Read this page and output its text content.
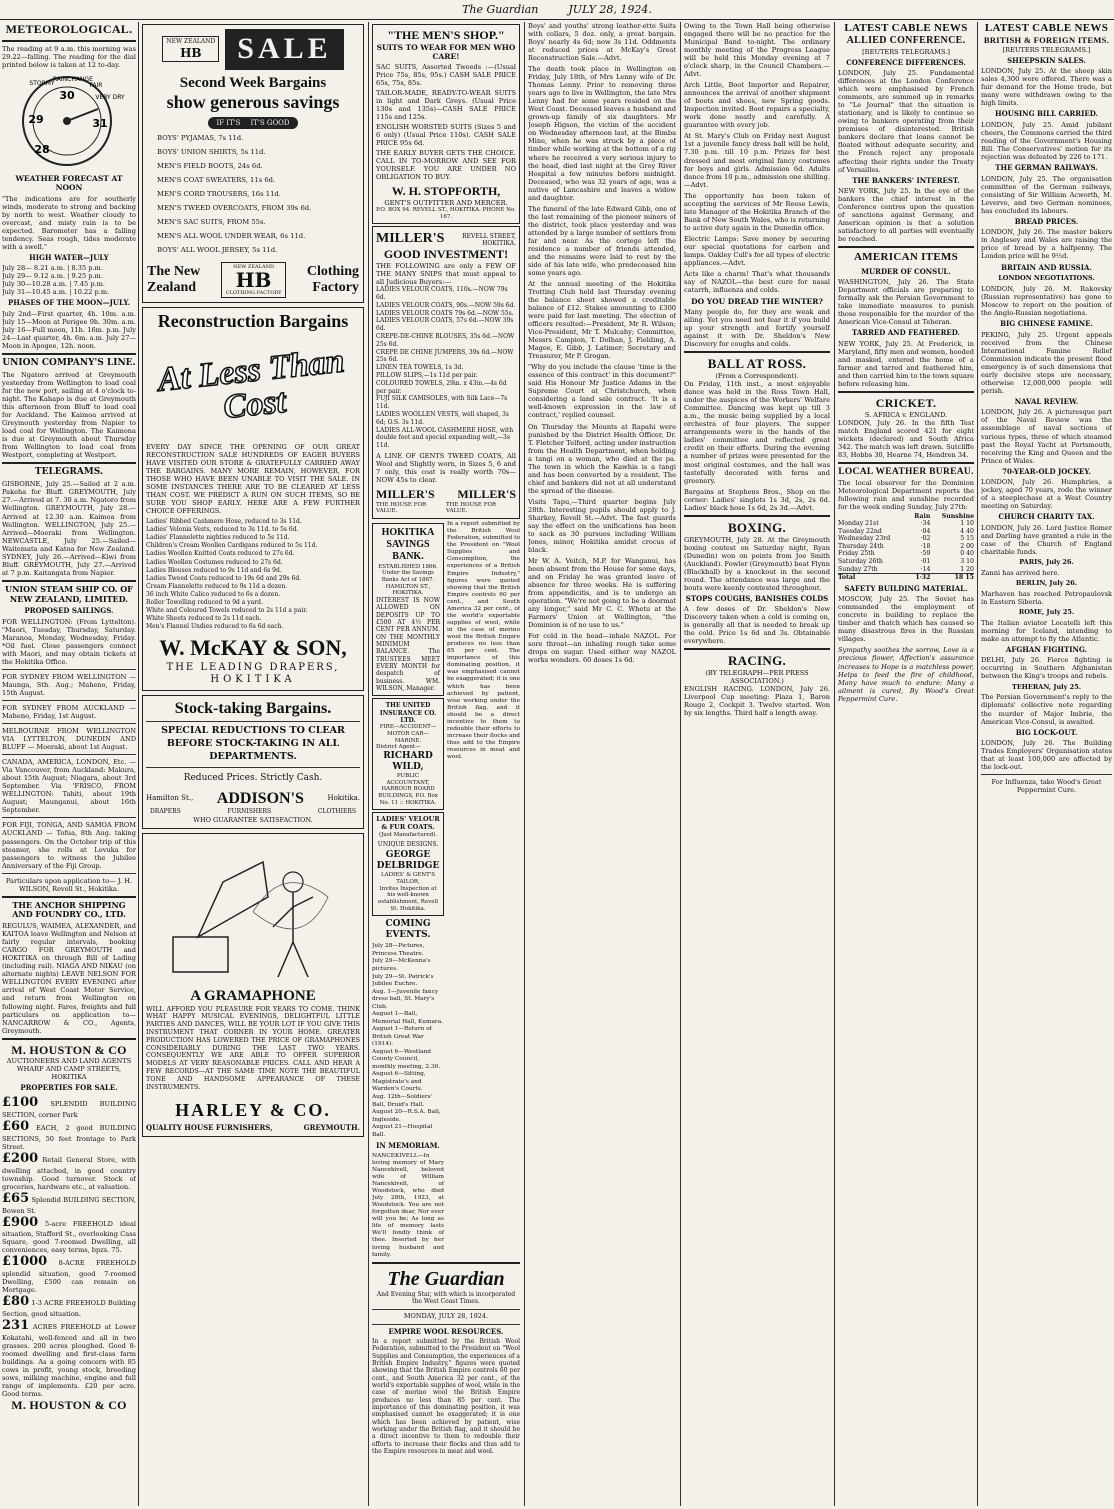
The Guardian	JULY 28, 1924.
METEOROLOGICAL.
The reading at 9 a.m. this morning was 29.22—falling. The reading for the dial printed below is taken at 12 to-day.
STORMY
RAIN CHANGE
FAIR
VERY DRY
28
29
30
31
WEATHER FORECAST AT NOON
"The indications are for southerly winds, moderate to strong and backing by north to west. Weather cloudy to overcast, and misty rain is to be expected. Barometer has a falling tendency. Seas rough, tides moderate with a swell."
HIGH WATER—JULY
July 28— 8.21 a.m. | 8.35 p.m.
July 29— 9.12 a.m. | 9.25 p.m.
July 30—10.28 a.m. | 7.45 p.m.
July 31—10.45 a.m. | 10.22 p.m.
PHASES OF THE MOON—JULY.
July 2nd—First quarter, 4h. 10m. a.m. July 15—Moon at Perigee 9h. 30m. a.m. July 16—Full moon, 11h. 16m. p.m. July 24—Last quarter, 4h. 6m. a.m. July 27—Moon in Apogee, 12h. noon.
UNION COMPANY'S LINE.
The Ngatoro arrived at Greymouth yesterday from Wellington to load coal for the new port, sailing at 4 o'clock to-night. The Kahapo is due at Greymouth this afternoon from Bluff to load coal for Auckland. The Kaimoa arrived at Greymouth yesterday from Napier to load coal for Wellington. The Kaimona is due at Greymouth about Thursday from Wellington to load coal from Westport, completing at Westport.
TELEGRAMS.
GISBORNE, July 25.—Sailed at 2 a.m. Pakeha for Bluff. GREYMOUTH, July 27.—Arrived at 7. 30 a.m. Ngatoro from Wellington. GREYMOUTH, July 28.—Arrived at 12.30 a.m. Kaimoa from Wellington. WELLINGTON, July 25.—Arrived—Moeraki from Wellington. NEWCASTLE, July 25.—Sailed—Waitemata and Katoa for New Zealand. SYDNEY, July 26.—Arrived—Kiwi from Bluff. GREYMOUTH, July 27.—Arrived at 7 p.m. Kaitangata from Napier.
UNION STEAM SHIP CO. OF NEW ZEALAND, LIMITED.
PROPOSED SAILINGS.
FOR WELLINGTON: (From Lyttelton). "Maori, Tuesday, Thursday, Saturday. Maranoa, Monday, Wednesday, Friday. *Oil fuel. Close passengers connect with Maori, and may obtain tickets at the Hokitika Office.
FOR SYDNEY FROM WELLINGTON — Maunga, Sth. Aug.; Maheno, Friday, 15th August.
FOR SYDNEY FROM AUCKLAND — Maheno, Friday, 1st August.
MELBOURNE FROM WELLINGTON VIA LYTTELTON, DUNEDIN AND BLUFF — Moeraki, about 1st August.
CANADA, AMERICA, LONDON, Etc. — Via Vancouver, from Auckland: Makura, about 15th August; Niagara, about 3rd September. Via 'FRISCO, FROM WELLINGTON: Tahiti, about 19th August; Maunganui, about 16th September.
FOR FIJI, TONGA, AND SAMOA FROM AUCKLAND — Tofua, 8th Aug. taking passengers. On the October trip of this steamer, she rolls at Lovuka for passengers to witness the Jubilee Anniversary of the Fiji Group.
Particulars upon application to— J. H. WILSON, Revell St., Hokitika.
THE ANCHOR SHIPPING AND FOUNDRY CO., LTD.
REGULUS, WAIMEA, ALEXANDER, and KAITOA leave Wellington and Nelson at fairly regular intervals, booking CARGO FOR GREYMOUTH and HOKITIKA on through Bill of Lading (including rail). NIAGA AND NIKAU (on alternate nights) LEAVE NELSON FOR WELLINGTON EVERY EVENING after arrival of West Coast Motor Service, and return from Wellington on following night. Fares, freights and full particulars on application to— NANCARROW & CO., Agents, Greymouth.
M. HOUSTON & CO
AUCTIONEERS AND LAND AGENTS WHARF AND CAMP STREETS, HOKITIKA
PROPERTIES FOR SALE.
£100 SPLENDID BUILDING SECTION, corner Park
£60 EACH, 2 good BUILDING SECTIONS, 50 feet frontage to Park Street.
£200 Retail General Store, with dwelling attached, in good country township. Good turnover. Stock of groceries, hardware etc., at valuation.
£65 Splendid BUILDING SECTION, Bowen St.
£900 5-acre FREEHOLD ideal situation, Stafford St., overlooking Cass Square, good 7-roomed Dwelling, all conveniences, easy terms, bpzs. 75.
£1000 8-ACRE FREEHOLD splendid situation, good 7-roomed Dwelling, £500 can remain on Mortgage.
£80 1-3 ACRE FREEHOLD Building Section, good situation.
231 ACRES FREEHOLD at Lower Kokatahi, well-fenced and all in two grasses. 200 acres ploughed. Good 8-roomed dwelling and first-class farm buildings. As a going concern with 85 cows in profit, young stock, breeding sows, milking machine, engine and full range of implements. £20 per acre. Good terms.
M. HOUSTON & CO
NEW ZEALAND
HB	SALE
Second Week Bargains
show generous savings
IF IT'S IT'S GOOD
BOYS' PYJAMAS, 7s 11d.
BOYS' UNION SHIRTS, 5s 11d.
MEN'S FIELD BOOTS, 24s 6d.
MEN'S COAT SWEATERS, 11s 6d.
MEN'S CORD TROUSERS, 16s 11d.
MEN'S TWEED OVERCOATS, FROM 39s 6d.
MEN'S SAC SUITS, FROM 55s.
MEN'S ALL WOOL UNDER WEAR, 6s 11d.
BOYS' ALL WOOL JERSEY, 5s 11d.
The New
Zealand
NEW ZEALAND
HB
CLOTHING FACTORY
Clothing
Factory
Reconstruction Bargains
At Less Than Cost
EVERY DAY SINCE THE OPENING OF OUR GREAT RECONSTRUCTION SALE HUNDREDS OF EAGER BUYERS HAVE VISITED OUR STORE & GRATEFULLY CARRIED AWAY THE BARGAINS. MANY MORE REMAIN, HOWEVER, FOR THOSE WHO HAVE BEEN UNABLE TO VISIT THE SALE. IN SOME INSTANCES THERE ARE TO BE CLEARED AT LESS THAN COST. WE PREDICT A RUN ON SUCH ITEMS, SO BE SURE YOU SHOP EARLY. HERE ARE A FEW FURTHER CHOICE OFFERINGS.
Ladies' Ribbed Cashmere Hose, reduced to 3s 11d.
Ladies' Velonia Vests, reduced to 3s 11d. to 5s 6d.
Ladies' Flannelette nighties reduced to 5s 11d.
Children's Cream Woollen Cardigans reduced to 5s 11d.
Ladies Woollen Knitted Coats reduced to 27s 6d.
Ladies Woollen Costumes reduced to 27s 6d.
Ladies Blouses reduced to 9s 11d and 6s 9d.
Ladies Tweed Coats reduced to 19s 6d and 29s 6d.
Cream Flannelette reduced to 9s 11d a dozen.
36 inch White Calico reduced to 6s a dozen.
Roller Towelling reduced to 9d a yard.
White and Coloured Towels reduced to 2s 11d a pair.
White Sheets reduced to 2s 11d each.
Men's Flannel Undies reduced to 6s 6d each.
W. McKAY & SON,
THE LEADING DRAPERS,
HOKITIKA
Stock-taking Bargains.
SPECIAL REDUCTIONS TO CLEAR BEFORE STOCK-TAKING IN ALL DEPARTMENTS.
Reduced Prices. Strictly Cash.
Hamilton St., ADDISON'S	Hokitika.
DRAPERS	FURNISHERS	CLOTHIERS
WHO GUARANTEE SATISFACTION.
A GRAMAPHONE
WILL AFFORD YOU PLEASURE FOR YEARS TO COME. THINK WHAT HAPPY MUSICAL EVENINGS, DELIGHTFUL LITTLE PARTIES AND DANCES, WILL BE YOUR LOT IF YOU GIVE THIS INSTRUMENT THAT CORNER IN YOUR HOME. GREATER PRODUCTION HAS LOWERED THE PRICE OF GRAMAPHONES CONSIDERABLY DURING THE LAST TWO YEARS. CONSEQUENTLY WE ARE ABLE TO OFFER SUPERIOR MODELS AT VERY REASONABLE PRICES. CALL AND HEAR A FEW RECORDS—AT THE SAME TIME NOTE THE BEAUTIFUL TONE AND HANDSOME APPEARANCE OF THESE INSTRUMENTS.
HARLEY & CO.
QUALITY HOUSE FURNISHERS,	GREYMOUTH.
"THE MEN'S SHOP."
SUITS TO WEAR FOR MEN WHO CARE!
SAC SUITS, Assorted Tweeds :—(Usual Price 75s, 85s, 95s.) CASH SALE PRICE 65s, 75s, 85s.
TAILOR-MADE, READY-TO-WEAR SUITS in light and Dark Greys. (Usual Price 130s and 135s)—CASH SALE PRICE 115s and 125s.
ENGLISH WORSTED SUITS (Sizes 5 and 6 only) (Usual Price 110s). CASH SALE PRICE 95s 6d.
THE EARLY BUYER GETS THE CHOICE. CALL IN TO-MORROW AND SEE FOR YOURSELF. YOU ARE UNDER NO OBLIGATION TO BUY.
W. H. STOPFORTH,
GENT'S OUTFITTER AND MERCER.
P.O. BOX 94. REVELL ST., HOKITIKA. PHONE No. 167.
MILLER'S	REVELL STREET, HOKITIKA.
GOOD INVESTMENT!
THE FOLLOWING are only a FEW OF THE MANY SNIPS that must appeal to all Judicious Buyers:—
LADIES VELOUR COATS, 110s.—NOW 79s 6d.
LADIES VELOUR COATS, 90s.—NOW 59s 6d.
LADIES VELOUR COATS 79s 6d.—NOW 55s.
LADIES VELOUR COATS, 57s 6d.—NOW 39s 6d.
CREPE-DE-CHINE BLOUSES, 35s 6d.—NOW 25s 6d.
CREPE DE CHINE JUMPERS, 39s 6d.—NOW 25s 6d.
LINEN TEA TOWELS, 1s 3d.
PILLOW SLIPS,—1s 11d per pair.
COLOURED TOWELS, 29in. x 43in.—4s 6d per pair.
FUJI SILK CAMISOLES, with Silk Lace—7s 11d.
LADIES WOOLLEN VESTS, well shaped, 3s 6d; O.S. 3s 11d.
LADIES ALL-WOOL CASHMERE HOSE, with double feet and special expanding welt,—3s 11d.
A LINE OF GENTS TWEED COATS, All Wool and Slightly worn, in Sizes 5, 6 and 7 only, this coat is really worth 70s—NOW 45s to clear.
MILLER'S MILLER'S
THE HOUSE FOR VALUE.
THE HOUSE FOR VALUE.
HOKITIKA SAVINGS BANK.
ESTABLISHED 1866. Under the Savings Banks Act of 1867. HAMILTON ST., HOKITIKA.
INTEREST IS NOW ALLOWED ON DEPOSITS UP TO £500 AT 4½ PER CENT PER ANNUM. ON THE MONTHLY MINIMUM BALANCE. The TRUSTEES MEET EVERY MONTH for despatch of business. WM. WILSON, Manager.
THE UNITED INSURANCE CO. LTD.
FIRE—ACCIDENT—MOTOR CAR—MARINE.
District Agent—
RICHARD WILD,
PUBLIC ACCOUNTANT, HARBOUR BOARD BUILDINGS, P.O. Box No. 11 :: HOKITIKA.
LADIES' VELOUR & FUR COATS.
(Just Manufactured).
UNIQUE DESIGNS.
GEORGE DELBRIDGE
LADIES' & GENT'S TAILOR,
Invites Inspection at his well-known
establishment, Revell St. Hokitika.
COMING EVENTS.
July 28—Pictures, Princess Theatre.
July 29—McKenna's pictures.
July 29—St. Patrick's Jubilee Euchre.
Aug. 1—Juvenile fancy dress ball, St. Mary's Club.
August 1—Ball, Memorial Hall, Kumara.
August 1—Return of British Great War (1914).
August 6—Westland County Council, monthly meeting, 2.30.
August 6—Sitting, Magistrate's and Warden's Courts.
Aug. 12th—Soldiers' Ball, Druid's Hall.
August 20—R.S.A. Ball, Ingleside.
August 21—Hospital Ball.
IN MEMORIAM.
NANCEKIVELL—In loving memory of Mary Nancekivell, beloved wife of William Nancekivell, of Woodstock, who died July 28th, 1923, at Woodstock. You are not forgotten dear, Nor ever will you be; As long as life of memory lasts We'll fondly think of thee. Inserted by her loving husband and family.
In a report submitted by the British Wool Federation, submitted to the President on "Wool Supplies and Consumption, the experiences of a British Empire Industry," figures were quoted showing that the British Empire controls 60 per cent., and South America 32 per cent., of the world's exportable supplies of wool, while in the case of merino wool the British Empire produces no less than 85 per cent. The importance of this dominating position, it was emphasised cannot be exaggerated; it is one which has been achieved by patient, wise working under the British flag, and it should be a direct incentive to them to redouble their efforts to increase their flocks and thus add to the Empire resources in meat and wool.
The Guardian
And Evening Star, with which is incorporated the West Coast Times.
MONDAY, JULY 28, 1924.
EMPIRE WOOL RESOURCES.
In a report submitted by the British Wool Federation, submitted to the President on "Wool Supplies and Consumption, the experiences of a British Empire Industry," figures were quoted showing that the British Empire controls 60 per cent., and South America 32 per cent., of the world's exportable supplies of wool, while in the case of merino wool the British Empire produces no less than 85 per cent. The importance of this dominating position, it was emphasised cannot be exaggerated; it is one which has been achieved by patient, wise working under the British flag, and it should be a direct incentive to them to redouble their efforts to increase their flocks and thus add to the Empire resources in meat and wool.
Boys' and youths' strong leather-ette Suits with collars, 5 doz. only, a great bargain. Boys' nearly 4s 6d; now 3s 11d. Oddments at reduced prices at McKay's Great Reconstruction Sale.—Advt.
The death took place in Wellington on Friday, July 18th, of Mrs Lenny wife of Dr. Thomas Lenny. Prior to removing three years ago to live in Wellington, the late Mrs Lenny had for some years resided on the West Coast. Deceased leaves a husband and grown-up family of six daughters. Mr Joseph Higson, the victim of the accident on Wednesday afternoon last, at the Bimba Mine, when he was struck by a piece of timber while working at the bottom of a rig where he received a very serious injury to the head, died last night at the Grey River Hospital a few minutes before midnight. Deceased, who was 32 years of age, was a native of Lancashire and leaves a widow and daughter.
The funeral of the late Edward Gibb, one of the last remaining of the pioneer miners of the district, took place yesterday and was attended by a large number of settlers from far and near. As the cortege left the residence a number of friends attended, and the remains were laid to rest by the side of his late wife, who predeceased him some years ago.
At the annual meeting of the Hokitika Trotting Club held last Thursday evening the balance sheet showed a creditable balance of £12. Stakes amounting to £300 were paid for last meeting. The election of officers resulted:—President, Mr R. Wilson; Vice-President, Mr T. Mulcahy; Committee, Messrs Campion, T. Dolhan, J. Fielding, A. Magee, E. Gibb, J. Latimer; Secretary and Treasurer, Mr P. Grogan.
"Why do you include the clause 'time is the essence of this contract' in this document?" said His Honour Mr Justice Adams in the Supreme Court at Christchurch, when considering a land sale contract. 'It is a well-known expression in the law of contract,' replied counsel.
On Thursday the Mounts at Rapahi were punished by the District Health Officer, Dr. T. Fletcher Telford, acting under instruction from the Health Department, when holding a tangi on a woman, who died at the pa. The town in which the Kawhia is a tangi and has been converted by a resident. The chief and bankers did not at all understand the spread of the disease.
Visits Tapu,—Third quarter begins July 28th. Interesting pupils should apply to J. Sharkey, Revell St.—Advt. The fast guards say the effect on the unifications has been to sack as 30 pursues including William Jones, minor, Hokitika amidst crocus of black.
Mr W. A. Veitch, M.P. for Wanganui, has been absent from the House for some days, and on Friday he was granted leave of absence for three weeks. He is suffering from appendicitis, and is to undergo an operation. "We're not going to be a doormat any longer," said Mr C. C. Whetu at the Farmers' Union at Wellington, "the Dominion is of no use to us."
For cold in the head—inhale NAZOL. For sore throat—an inhaling rough take some drops on sugar. Used either way NAZOL works wonders. 60 doses 1s 6d.
Owing to the Town Hall being otherwise engaged there will be no practice for the Municipal Band to-night. The ordinary monthly meeting of the Progress League will be held this Monday evening at 7 o'clock sharp, in the Council Chambers.—Advt.
Arch Little, Boot Importer and Repairer, announces the arrival of another shipment of boots and shoes, new Spring goods. Inspection invited. Boot repairs a specialty, work done neatly and carefully. A guarantee with every job.
At St. Mary's Club on Friday next August 1st a juvenile fancy dress ball will be held, 7.30 p.m. till 10 p.m. Prizes for best dressed and most original fancy costumes for boys and girls. Admission 6d. Adults dance from 10 p.m., admission one shilling.—Advt.
The opportunity has been taken of accepting the services of Mr Reese Lewis, late Manager of the Hokitika Branch of the Bank of New South Wales, who is returning to active duty again in the Dunedin office.
Electric Lamps: Save money by securing our special quotations for carbon and lamps. Oakley Cull's for all types of electric appliances.—Advt.
Acts like a charm! That's what thousands say of NAZOL—the best cure for nasal catarrh, influenza and colds.
DO YOU DREAD THE WINTER?
Many people do, for they are weak and ailing. Yet you need not fear it if you build up your strength and fortify yourself against it with Dr. Sheldon's New Discovery for coughs and colds.
BALL AT ROSS.
(From a Correspondent).
On Friday, 11th inst., a most enjoyable dance was held in the Ross Town Hall, under the auspices of the Workers' Welfare Committee. Dancing was kept up till 3 a.m., the music being supplied by a local orchestra of four players. The supper arrangements were in the hands of the ladies' committee and reflected great credit on their efforts. During the evening a number of prizes were presented for the most original costumes, and the hall was tastefully decorated with ferns and greenery.
Bargains at Stephens Bros., Shop on the corner: Ladies' singlets 1s 3d, 2s, 2s 6d. Ladies' black hose 1s 6d, 2s 3d.—Advt.
BOXING.
GREYMOUTH, July 28. At the Greymouth boxing contest on Saturday night, Ryan (Dunedin) won on points from Joe Smith (Auckland). Fowler (Greymouth) beat Flynn (Blackball) by a knockout in the second round. The attendance was large and the bouts were keenly contested throughout.
STOPS COUGHS, BANISHES COLDS
A few doses of Dr. Sheldon's New Discovery taken when a cold is coming on, is generally all that is needed to break up the cold. Price 1s 6d and 3s. Obtainable everywhere.
RACING.
(BY TELEGRAPH—PER PRESS ASSOCIATION.)
ENGLISH RACING. LONDON, July 26. Liverpool Cup meeting: Plaza 1, Baron Rouge 2, Cockpit 3. Twelve started. Won by six lengths. Third half a length away.
LATEST CABLE NEWS
ALLIED CONFERENCE.
[REUTERS TELEGRAMS.]
CONFERENCE DIFFERENCES.
LONDON, July 25. Fundamental differences at the London Conference which were emphasised by French comments, are summed up in remarks to "Le Journal" that the situation is stationary, and is likely to continue so owing to bankers operating from their premises of disinterested. British bankers declare that loans cannot be floated without adequate security, and the French reject any proposals affecting their rights under the Treaty of Versailles.
THE BANKERS' INTEREST.
NEW YORK, July 25. In the eye of the bankers the chief interest in the Conference centres upon the question of sanctions against Germany, and American opinion is that a solution satisfactory to all parties will eventually be reached.
AMERICAN ITEMS
MURDER OF CONSUL.
WASHINGTON, July 26. The State Department officials are preparing to formally ask the Persian Government to take immediate measures to punish those responsible for the murder of the American Vice-Consul at Teheran.
TARRED AND FEATHERED.
NEW YORK, July 25. At Frederick, in Maryland, fifty men and women, hooded and masked, entered the home of a farmer and tarred and feathered him, and then carried him to the town square before releasing him.
CRICKET.
S. AFRICA v. ENGLAND.
LONDON, July 26. In the fifth Test match England scored 421 for eight wickets (declared) and South Africa 342. The match was left drawn. Sutcliffe 83, Hobbs 30, Hearne 74, Hendren 34.
LOCAL WEATHER BUREAU.
The local observer for the Dominion Meteorological Department reports the following rain and sunshine recorded for the week ending Sunday, July 27th:
	Rain	Sunshine
Monday 21st	·34	1 10
Tuesday 22nd	·04	4 40
Wednesday 23rd	·02	5 15
Thursday 24th	·18	2 00
Friday 25th	·59	0 40
Saturday 26th	·01	3 10
Sunday 27th	·14	1 20
Total	1·32	18 15
SAFETY BUILDING MATERIAL.
MOSCOW, July 25. The Soviet has commanded the employment of concrete in building to replace the timber and thatch which has caused so many disastrous fires in the Russian villages.
Sympathy soothes the sorrow, Love is a precious flower, Affection's assurance increases to Hope is a matchless power, Helps to feed the fire of childhood, Many have much to endure; Many a ailment is cured, By Wood's Great Peppermint Cure.
LATEST CABLE NEWS
BRITISH & FOREIGN ITEMS.
[REUTERS TELEGRAMS.]
SHEEPSKIN SALES.
LONDON, July 25. At the sheep skin sales 4,300 were offered. There was a fair demand for the Home trade, but many were withdrawn owing to the high limits.
HOUSING BILL CARRIED.
LONDON, July 25. Amid jubilant cheers, the Commons carried the third reading of the Government's Housing Bill. The Conservatives' motion for its rejection was defeated by 226 to 171.
THE GERMAN RAILWAYS.
LONDON, July 25. The organisation committee of the German railways, consisting of Sir William Acworth, M. Leverve, and two German nominees, has concluded its labours.
BREAD PRICES.
LONDON, July 26. The master bakers in Anglesey and Wales are raising the price of bread by a halfpenny. The London price will be 9½d.
BRITAIN AND RUSSIA.
LONDON NEGOTIATIONS.
LONDON, July 26. M. Rakovsky (Russian representative) has gone to Moscow to report on the position of the Anglo-Russian negotiations.
BIG CHINESE FAMINE.
PEKING, July 25. Urgent appeals received from the Chinese International Famine Relief Commission indicate the present flood emergency is of such dimensions that early decisive steps are necessary, otherwise 12,000,000 people will perish.
NAVAL REVIEW.
LONDON, July 26. A picturesque part of the Naval Review was the assemblage of naval sections of various types, three of which steamed past the Royal Yacht at Portsmouth, receiving the King and Queen and the Prince of Wales.
70-YEAR-OLD JOCKEY.
LONDON, July 26. Humphries, a jockey, aged 70 years, rode the winner of a steeplechase at a West Country meeting on Saturday.
CHURCH CHARITY TAX.
LONDON, July 26. Lord Justice Romer and Darling have granted a rule in the case of the Church of England charitable funds.
PARIS, July 26.
Zanni has arrived here.
BERLIN, July 26.
Marhaven has reached Petropaulovsk in Eastern Siberia.
ROME, July 25.
The Italian aviator Locatelli left this morning for Iceland, intending to make an attempt to fly the Atlantic.
AFGHAN FIGHTING.
DELHI, July 26. Fierce fighting is occurring in Southern Afghanistan between the King's troops and rebels.
TEHERAN, July 25.
The Persian Government's reply to the diplomats' collective note regarding the murder of Major Imbrie, the American Vice-Consul, is awaited.
BIG LOCK-OUT.
LONDON, July 26. The Building Trades Employers' Organisation states that at least 100,000 are affected by the lock-out.
For Influenza, take Wood's Great Peppermint Cure.
